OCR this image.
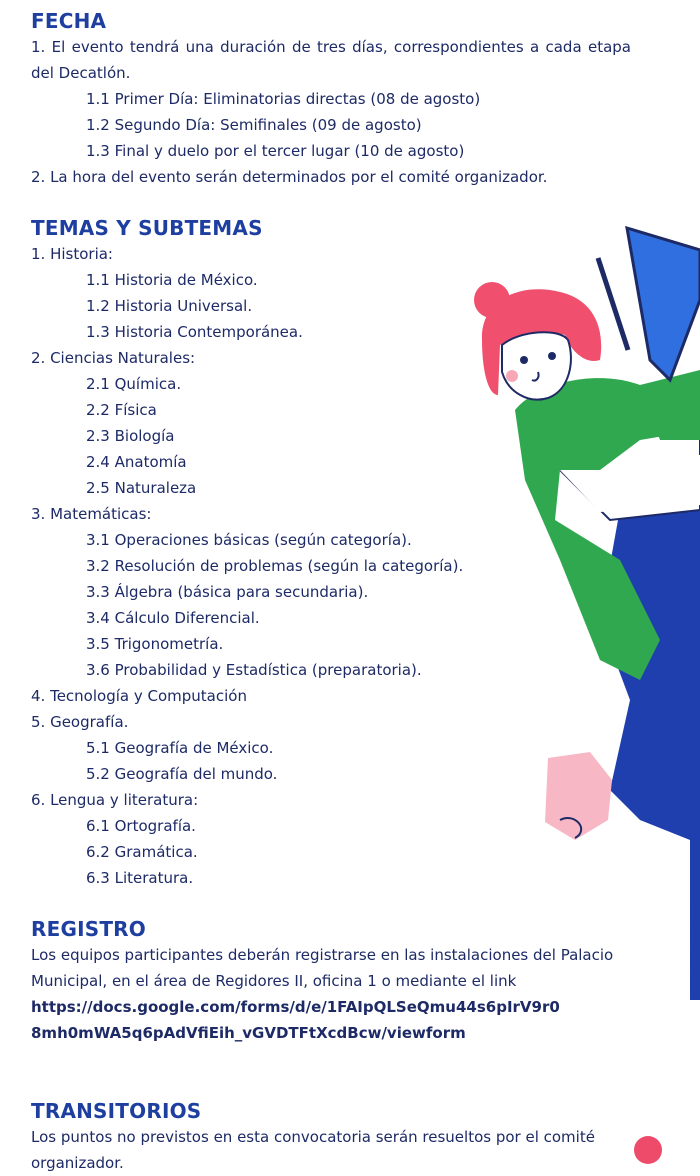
FECHA

1. El evento tendrá una duración de tres días, correspondientes a cada etapa del Decatlón.

1.1 Primer Día: Eliminatorias directas (08 de agosto)

1.2 Segundo Día: Semifinales (09 de agosto)

1.3 Final y duelo por el tercer lugar (10 de agosto)

2. La hora del evento serán determinados por el comité organizador.

TEMAS Y SUBTEMAS

1. Historia:

1.1 Historia de México.

1.2 Historia Universal.

1.3 Historia Contemporánea.

2. Ciencias Naturales:

2.1 Química.

2.2 Física

2.3 Biología

2.4 Anatomía

2.5 Naturaleza

3. Matemáticas:

3.1 Operaciones básicas (según categoría).

3.2 Resolución de problemas (según la categoría).

3.3 Álgebra (básica para secundaria).

3.4 Cálculo Diferencial.

3.5 Trigonometría.

3.6 Probabilidad y Estadística (preparatoria).

4. Tecnología y Computación

5. Geografía.

5.1 Geografía de México.

5.2 Geografía del mundo.

6. Lengua y literatura:

6.1 Ortografía.

6.2 Gramática.

6.3 Literatura.

REGISTRO

Los equipos participantes deberán registrarse en las instalaciones del Palacio Municipal, en el área de Regidores II, oficina 1 o mediante el link

https://docs.google.com/forms/d/e/1FAIpQLSeQmu44s6pIrV9r0

8mh0mWA5q6pAdVfiEih_vGVDTFtXcdBcw/viewform

TRANSITORIOS

Los puntos no previstos en esta convocatoria serán resueltos por el comité organizador.
